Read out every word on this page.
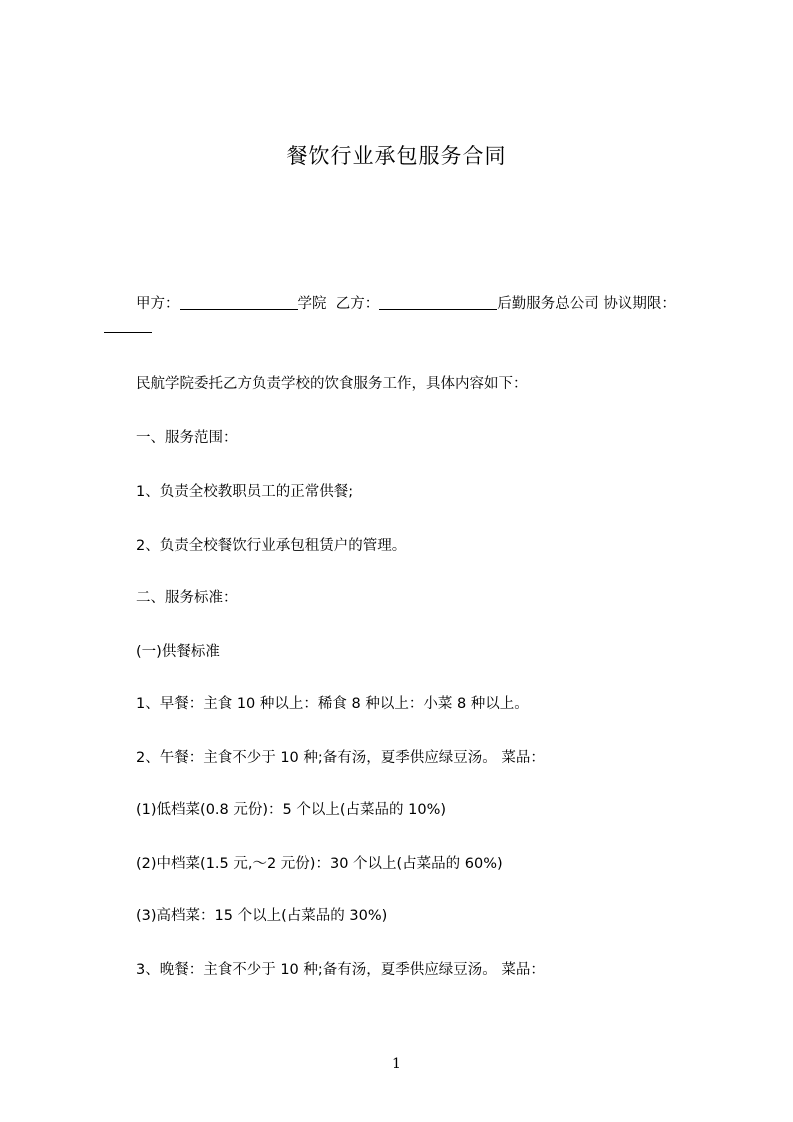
餐饮行业承包服务合同
甲方：	学院 乙方：	后勤服务总公司 协议期限：
民航学院委托乙方负责学校的饮食服务工作，具体内容如下：
一、服务范围：
1、负责全校教职员工的正常供餐;
2、负责全校餐饮行业承包租赁户的管理。
二、服务标准：
(一)供餐标准
1、早餐：主食 10 种以上：稀食 8 种以上：小菜 8 种以上。
2、午餐：主食不少于 10 种;备有汤，夏季供应绿豆汤。 菜品：
(1)低档菜(0.8 元份)：5 个以上(占菜品的 10%)
(2)中档菜(1.5 元,～2 元份)：30 个以上(占菜品的 60%)
(3)高档菜：15 个以上(占菜品的 30%)
3、晚餐：主食不少于 10 种;备有汤，夏季供应绿豆汤。 菜品：
1
